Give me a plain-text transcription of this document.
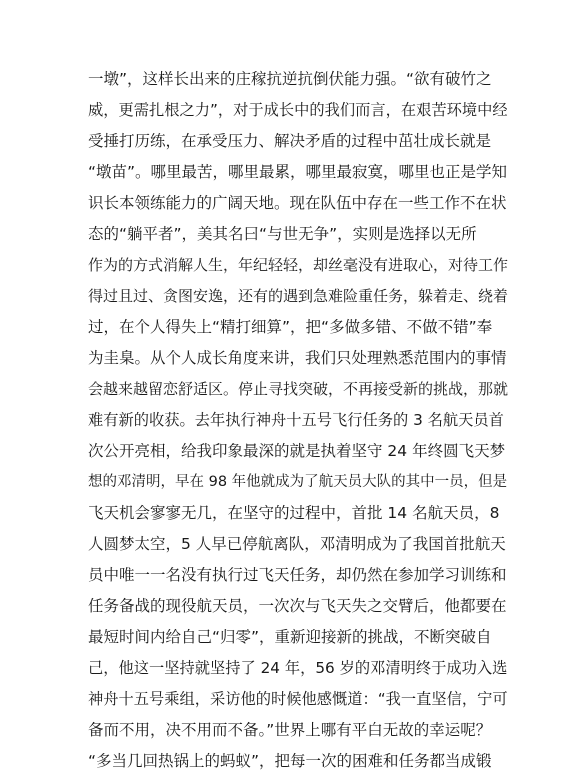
一墩”，这样长出来的庄稼抗逆抗倒伏能力强。“欲有破竹之
威，更需扎根之力”，对于成长中的我们而言，在艰苦环境中经
受捶打历练，在承受压力、解决矛盾的过程中茁壮成长就是
“墩苗”。哪里最苦，哪里最累，哪里最寂寞，哪里也正是学知
识长本领练能力的广阔天地。现在队伍中存在一些工作不在状
态的“躺平者”，美其名曰“与世无争”，实则是选择以无所
作为的方式消解人生，年纪轻轻，却丝毫没有进取心，对待工作
得过且过、贪图安逸，还有的遇到急难险重任务，躲着走、绕着
过，在个人得失上“精打细算”，把“多做多错、不做不错”奉
为圭臬。从个人成长角度来讲，我们只处理熟悉范围内的事情
会越来越留恋舒适区。停止寻找突破，不再接受新的挑战，那就
难有新的收获。去年执行神舟十五号飞行任务的 3 名航天员首
次公开亮相，给我印象最深的就是执着坚守 24 年终圆飞天梦
想的邓清明，早在 98 年他就成为了航天员大队的其中一员，但是
飞天机会寥寥无几，在坚守的过程中，首批 14 名航天员，8
人圆梦太空，5 人早已停航离队，邓清明成为了我国首批航天
员中唯一一名没有执行过飞天任务，却仍然在参加学习训练和
任务备战的现役航天员，一次次与飞天失之交臂后，他都要在
最短时间内给自己“归零”，重新迎接新的挑战，不断突破自
己，他这一坚持就坚持了 24 年，56 岁的邓清明终于成功入选
神舟十五号乘组，采访他的时候他感慨道：“我一直坚信，宁可
备而不用，决不用而不备。”世界上哪有平白无故的幸运呢？
“多当几回热锅上的蚂蚁”，把每一次的困难和任务都当成锻
